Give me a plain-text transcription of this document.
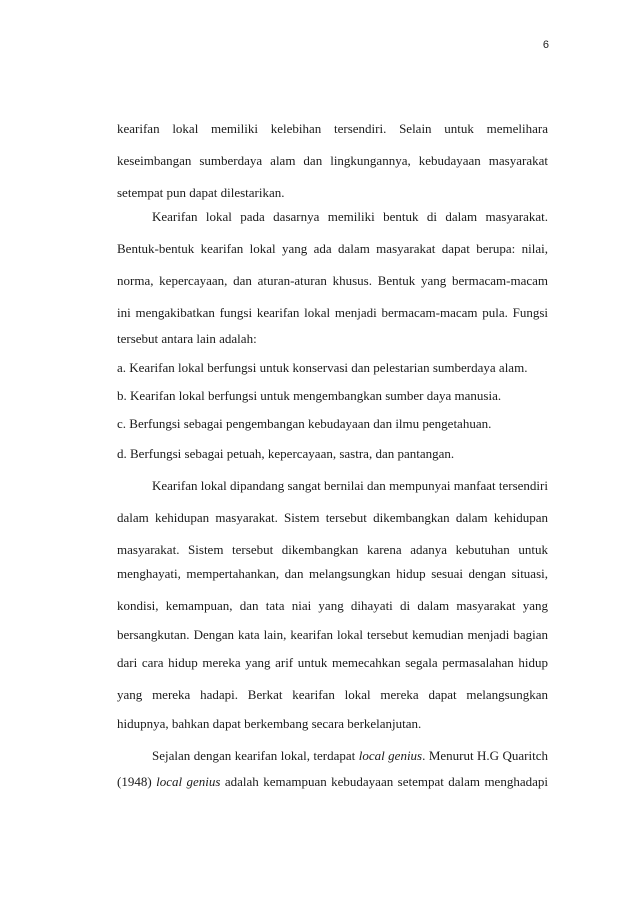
6
kearifan lokal memiliki kelebihan tersendiri. Selain untuk memelihara
keseimbangan sumberdaya alam dan lingkungannya, kebudayaan masyarakat
setempat pun dapat dilestarikan.
Kearifan lokal pada dasarnya memiliki bentuk di dalam masyarakat.
Bentuk-bentuk kearifan lokal yang ada dalam masyarakat dapat berupa: nilai,
norma, kepercayaan, dan aturan-aturan khusus. Bentuk yang bermacam-macam
ini mengakibatkan fungsi kearifan lokal menjadi bermacam-macam pula. Fungsi
tersebut antara lain adalah:
a. Kearifan lokal berfungsi untuk konservasi dan pelestarian sumberdaya alam.
b. Kearifan lokal berfungsi untuk mengembangkan sumber daya manusia.
c. Berfungsi sebagai pengembangan kebudayaan dan ilmu pengetahuan.
d. Berfungsi sebagai petuah, kepercayaan, sastra, dan pantangan.
Kearifan lokal dipandang sangat bernilai dan mempunyai manfaat tersendiri
dalam kehidupan masyarakat. Sistem tersebut dikembangkan dalam kehidupan
masyarakat. Sistem tersebut dikembangkan karena adanya kebutuhan untuk
menghayati, mempertahankan, dan melangsungkan hidup sesuai dengan situasi,
kondisi, kemampuan, dan tata niai yang dihayati di dalam masyarakat yang
bersangkutan. Dengan kata lain, kearifan lokal tersebut kemudian menjadi bagian
dari cara hidup mereka yang arif untuk memecahkan segala permasalahan hidup
yang mereka hadapi. Berkat kearifan lokal mereka dapat melangsungkan
hidupnya, bahkan dapat berkembang secara berkelanjutan.
Sejalan dengan kearifan lokal, terdapat local genius. Menurut H.G Quaritch
(1948) local genius adalah kemampuan kebudayaan setempat dalam menghadapi
